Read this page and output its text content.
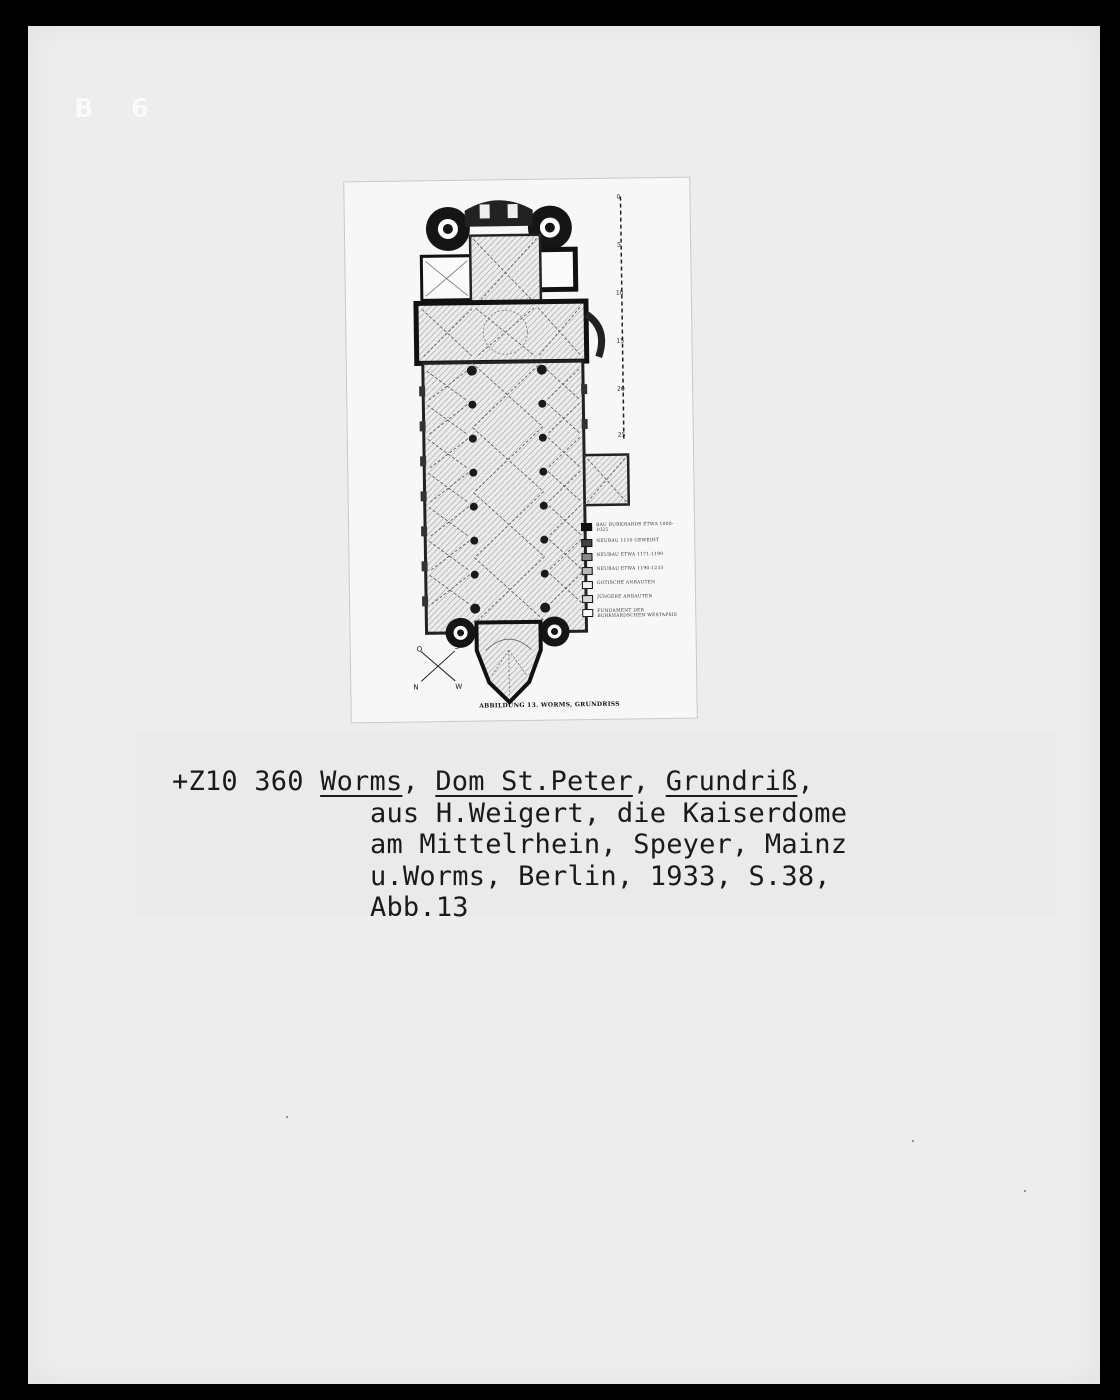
B 6
0
5
10
15
20
25
O	S
N	W
BAU BURKHARDS ETWA 1000-1025
NEUBAU 1110 GEWEIHT
NEUBAU ETWA 1171-1190
NEUBAU ETWA 1190-1233
GOTISCHE ANBAUTEN
JÜNGERE ANBAUTEN
FUNDAMENT DER BURKHARDSCHEN WESTAPSIS
ABBILDUNG 13. WORMS, GRUNDRISS
+Z10 360 Worms, Dom St.Peter, Grundriß,
aus H.Weigert, die Kaiserdome
am Mittelrhein, Speyer, Mainz
u.Worms, Berlin, 1933, S.38,
Abb.13
